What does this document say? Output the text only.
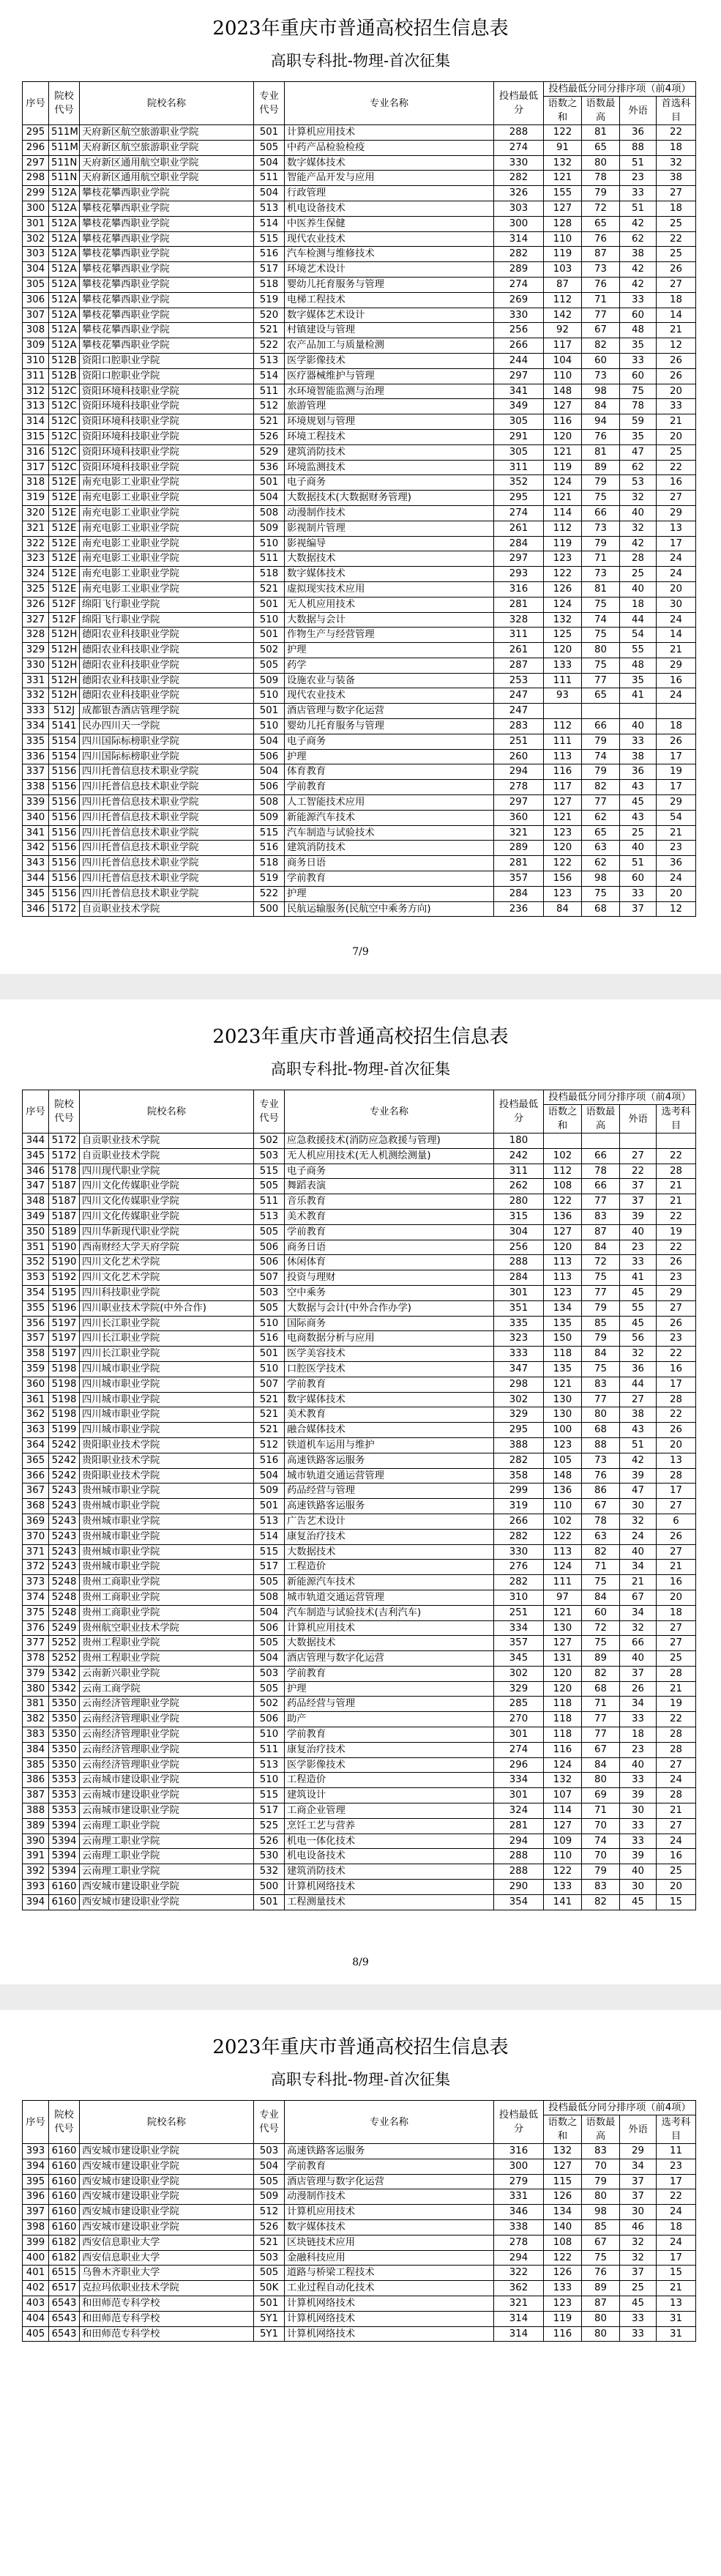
2023年重庆市普通高校招生信息表
高职专科批-物理-首次征集
序号	院校代号	院校名称	专业代号	专业名称	投档最低分	投档最低分同分排序项（前4项）			
						语数之和	语数最高	外语	首选科目
295	511M	天府新区航空旅游职业学院	501	计算机应用技术	288	122	81	36	22
296	511M	天府新区航空旅游职业学院	505	中药产品检验检疫	274	91	65	88	18
297	511N	天府新区通用航空职业学院	504	数字媒体技术	330	132	80	51	32
298	511N	天府新区通用航空职业学院	511	智能产品开发与应用	282	121	78	23	38
299	512A	攀枝花攀西职业学院	504	行政管理	326	155	79	33	27
300	512A	攀枝花攀西职业学院	513	机电设备技术	303	127	72	51	18
301	512A	攀枝花攀西职业学院	514	中医养生保健	300	128	65	42	25
302	512A	攀枝花攀西职业学院	515	现代农业技术	314	110	76	62	22
303	512A	攀枝花攀西职业学院	516	汽车检测与维修技术	282	119	87	38	25
304	512A	攀枝花攀西职业学院	517	环境艺术设计	289	103	73	42	26
305	512A	攀枝花攀西职业学院	518	婴幼儿托育服务与管理	274	87	76	42	27
306	512A	攀枝花攀西职业学院	519	电梯工程技术	269	112	71	33	18
307	512A	攀枝花攀西职业学院	520	数字媒体艺术设计	330	142	77	60	14
308	512A	攀枝花攀西职业学院	521	村镇建设与管理	256	92	67	48	21
309	512A	攀枝花攀西职业学院	522	农产品加工与质量检测	266	117	82	35	12
310	512B	资阳口腔职业学院	513	医学影像技术	244	104	60	33	26
311	512B	资阳口腔职业学院	514	医疗器械维护与管理	297	110	73	60	26
312	512C	资阳环境科技职业学院	511	水环境智能监测与治理	341	148	98	75	20
313	512C	资阳环境科技职业学院	512	旅游管理	349	127	84	78	33
314	512C	资阳环境科技职业学院	521	环境规划与管理	305	116	94	59	21
315	512C	资阳环境科技职业学院	526	环境工程技术	291	120	76	35	20
316	512C	资阳环境科技职业学院	529	建筑消防技术	305	121	81	47	25
317	512C	资阳环境科技职业学院	536	环境监测技术	311	119	89	62	22
318	512E	南充电影工业职业学院	501	电子商务	352	124	79	53	16
319	512E	南充电影工业职业学院	504	大数据技术(大数据财务管理)	295	121	75	32	27
320	512E	南充电影工业职业学院	508	动漫制作技术	274	114	66	40	29
321	512E	南充电影工业职业学院	509	影视制片管理	261	112	73	32	13
322	512E	南充电影工业职业学院	510	影视编导	284	119	79	42	17
323	512E	南充电影工业职业学院	511	大数据技术	297	123	71	28	24
324	512E	南充电影工业职业学院	518	数字媒体技术	293	122	73	25	24
325	512E	南充电影工业职业学院	521	虚拟现实技术应用	316	126	81	40	20
326	512F	绵阳飞行职业学院	501	无人机应用技术	281	124	75	18	30
327	512F	绵阳飞行职业学院	510	大数据与会计	328	132	74	44	24
328	512H	德阳农业科技职业学院	501	作物生产与经营管理	311	125	75	54	14
329	512H	德阳农业科技职业学院	502	护理	261	120	80	55	21
330	512H	德阳农业科技职业学院	505	药学	287	133	75	48	29
331	512H	德阳农业科技职业学院	509	设施农业与装备	253	111	77	35	16
332	512H	德阳农业科技职业学院	510	现代农业技术	247	93	65	41	24
333	512J	成都银杏酒店管理学院	501	酒店管理与数字化运营	247				
334	5141	民办四川天一学院	510	婴幼儿托育服务与管理	283	112	66	40	18
335	5154	四川国际标榜职业学院	504	电子商务	251	111	79	33	26
336	5154	四川国际标榜职业学院	506	护理	260	113	74	38	17
337	5156	四川托普信息技术职业学院	504	体育教育	294	116	79	36	19
338	5156	四川托普信息技术职业学院	506	学前教育	278	117	82	43	17
339	5156	四川托普信息技术职业学院	508	人工智能技术应用	297	127	77	45	29
340	5156	四川托普信息技术职业学院	509	新能源汽车技术	360	121	62	43	54
341	5156	四川托普信息技术职业学院	515	汽车制造与试验技术	321	123	65	25	21
342	5156	四川托普信息技术职业学院	516	建筑消防技术	289	120	63	40	23
343	5156	四川托普信息技术职业学院	518	商务日语	281	122	62	51	36
344	5156	四川托普信息技术职业学院	519	学前教育	357	156	98	60	24
345	5156	四川托普信息技术职业学院	522	护理	284	123	75	33	20
346	5172	自贡职业技术学院	500	民航运输服务(民航空中乘务方向)	236	84	68	37	12
7/9
2023年重庆市普通高校招生信息表
高职专科批-物理-首次征集
序号	院校代号	院校名称	专业代号	专业名称	投档最低分	投档最低分同分排序项（前4项）			
						语数之和	语数最高	外语	选考科目
344	5172	自贡职业技术学院	502	应急救援技术(消防应急救援与管理)	180				
345	5172	自贡职业技术学院	503	无人机应用技术(无人机测绘测量)	242	102	66	27	22
346	5178	四川现代职业学院	515	电子商务	311	112	78	22	28
347	5187	四川文化传媒职业学院	505	舞蹈表演	262	108	66	37	21
348	5187	四川文化传媒职业学院	511	音乐教育	280	122	77	37	21
349	5187	四川文化传媒职业学院	513	美术教育	315	136	83	39	22
350	5189	四川华新现代职业学院	505	学前教育	304	127	87	40	19
351	5190	西南财经大学天府学院	506	商务日语	256	120	84	23	22
352	5190	四川文化艺术学院	506	休闲体育	288	113	72	33	26
353	5192	四川文化艺术学院	507	投资与理财	284	113	75	41	23
354	5195	四川科技职业学院	503	空中乘务	301	123	77	45	29
355	5196	四川职业技术学院(中外合作)	505	大数据与会计(中外合作办学)	351	134	79	55	27
356	5197	四川长江职业学院	510	国际商务	335	135	85	45	26
357	5197	四川长江职业学院	516	电商数据分析与应用	323	150	79	56	23
358	5197	四川长江职业学院	501	医学美容技术	333	118	84	32	22
359	5198	四川城市职业学院	510	口腔医学技术	347	135	75	36	16
360	5198	四川城市职业学院	507	学前教育	298	121	83	44	17
361	5198	四川城市职业学院	521	数字媒体技术	302	130	77	27	28
362	5198	四川城市职业学院	521	美术教育	329	130	80	38	22
363	5199	四川城市职业学院	521	融合媒体技术	295	100	68	43	26
364	5242	贵阳职业技术学院	512	铁道机车运用与维护	388	123	88	51	20
365	5242	贵阳职业技术学院	516	高速铁路客运服务	282	105	73	42	13
366	5242	贵阳职业技术学院	504	城市轨道交通运营管理	358	148	76	39	28
367	5243	贵州城市职业学院	509	药品经营与管理	299	136	86	47	17
368	5243	贵州城市职业学院	501	高速铁路客运服务	319	110	67	30	27
369	5243	贵州城市职业学院	513	广告艺术设计	266	102	78	32	6
370	5243	贵州城市职业学院	514	康复治疗技术	282	122	63	24	26
371	5243	贵州城市职业学院	515	大数据技术	330	113	82	40	27
372	5243	贵州城市职业学院	517	工程造价	276	124	71	34	21
373	5248	贵州工商职业学院	505	新能源汽车技术	282	111	75	21	16
374	5248	贵州工商职业学院	508	城市轨道交通运营管理	310	97	84	67	20
375	5248	贵州工商职业学院	504	汽车制造与试验技术(吉利汽车)	251	121	60	34	18
376	5249	贵州航空职业技术学院	506	计算机应用技术	334	130	72	32	27
377	5252	贵州工程职业学院	505	大数据技术	357	127	75	66	27
378	5252	贵州工程职业学院	504	酒店管理与数字化运营	345	131	89	40	25
379	5342	云南新兴职业学院	503	学前教育	302	120	82	37	28
380	5342	云南工商学院	505	护理	329	120	68	26	21
381	5350	云南经济管理职业学院	502	药品经营与管理	285	118	71	34	19
382	5350	云南经济管理职业学院	506	助产	270	118	77	33	22
383	5350	云南经济管理职业学院	510	学前教育	301	118	77	18	28
384	5350	云南经济管理职业学院	511	康复治疗技术	274	116	67	23	28
385	5350	云南经济管理职业学院	513	医学影像技术	296	124	84	40	27
386	5353	云南城市建设职业学院	510	工程造价	334	132	80	33	24
387	5353	云南城市建设职业学院	515	建筑设计	301	107	69	39	28
388	5353	云南城市建设职业学院	517	工商企业管理	324	114	71	30	21
389	5394	云南理工职业学院	525	烹饪工艺与营养	281	127	70	33	27
390	5394	云南理工职业学院	526	机电一体化技术	294	109	74	33	24
391	5394	云南理工职业学院	530	机电设备技术	288	110	70	39	16
392	5394	云南理工职业学院	532	建筑消防技术	288	122	79	40	25
393	6160	西安城市建设职业学院	500	计算机网络技术	290	133	83	30	20
394	6160	西安城市建设职业学院	501	工程测量技术	354	141	82	45	15
8/9
2023年重庆市普通高校招生信息表
高职专科批-物理-首次征集
序号	院校代号	院校名称	专业代号	专业名称	投档最低分	投档最低分同分排序项（前4项）			
						语数之和	语数最高	外语	选考科目
393	6160	西安城市建设职业学院	503	高速铁路客运服务	316	132	83	29	11
394	6160	西安城市建设职业学院	504	学前教育	300	127	70	34	23
395	6160	西安城市建设职业学院	505	酒店管理与数字化运营	279	115	79	37	17
396	6160	西安城市建设职业学院	509	动漫制作技术	331	126	80	37	22
397	6160	西安城市建设职业学院	512	计算机应用技术	346	134	98	30	24
398	6160	西安城市建设职业学院	526	数字媒体技术	338	140	85	46	18
399	6182	西安信息职业大学	521	区块链技术应用	278	108	67	32	24
400	6182	西安信息职业大学	503	金融科技应用	294	122	75	32	17
401	6515	乌鲁木齐职业大学	505	道路与桥梁工程技术	322	126	76	37	15
402	6517	克拉玛依职业技术学院	50K	工业过程自动化技术	362	133	89	25	21
403	6543	和田师范专科学校	501	计算机网络技术	321	123	87	45	13
404	6543	和田师范专科学校	5Y1	计算机网络技术	314	119	80	33	31
405	6543	和田师范专科学校	5Y1	计算机网络技术	314	116	80	33	31
